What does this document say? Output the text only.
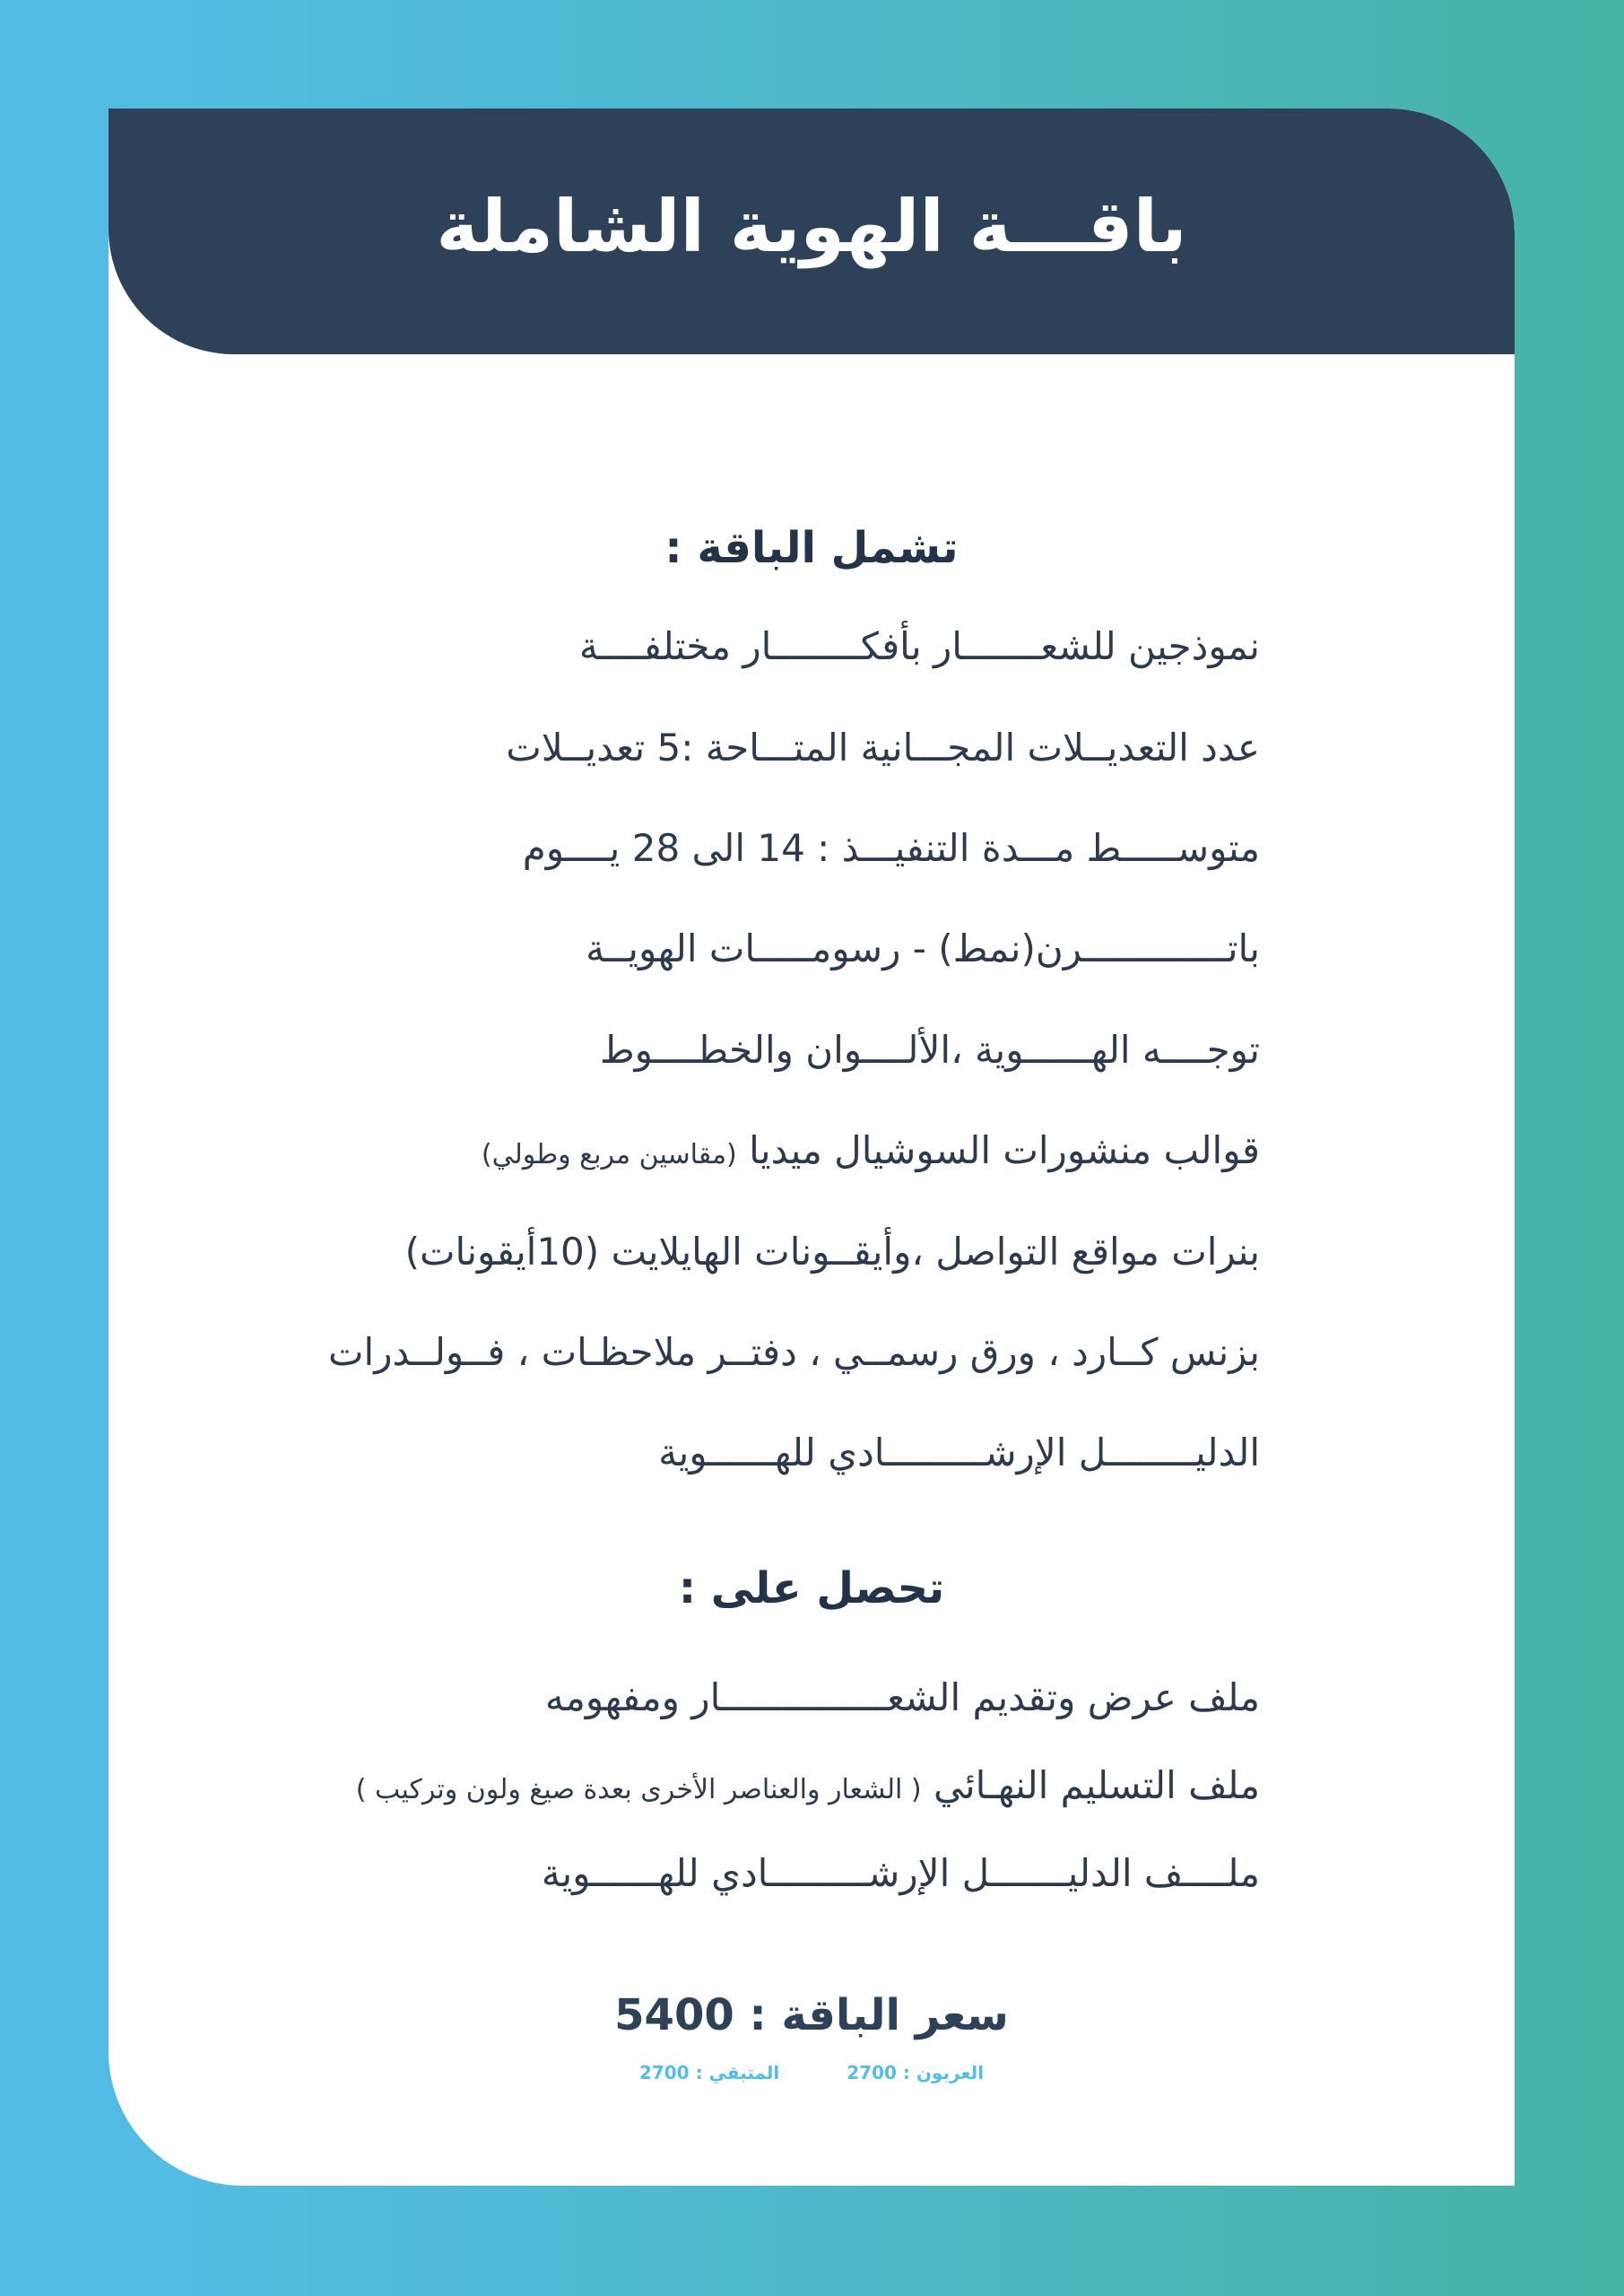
باقـــة الهوية الشاملة
تشمل الباقة :
نموذجين للشعـــــــار بأفكــــــــار مختلفــــة
عدد التعديــلات المجـــانية المتـــاحة :5 تعديــلات
متوســـــط مـــدة التنفيـــذ : 14 الى 28 يــــوم
باتـــــــــــــرن(نمط) - رسومـــــات الهويــة
توجــــه الهــــــوية ،الألــــوان والخطــــوط
قوالب منشورات السوشيال ميديا (مقاسين مربع وطولي)
بنرات مواقع التواصل ،وأيقــونات الهايلايت (10أيقونات)
بزنس كــارد ، ورق رسمــي ، دفتــر ملاحظـات ، فــولــدرات
الدليــــــــل الإرشـــــــــادي للهــــــوية
تحصل على :
ملف عرض وتقديم الشعـــــــــــــــار ومفهومه
ملف التسليم النهـائي ( الشعار والعناصر الأخرى بعدة صيغ ولون وتركيب )
ملــــف الدليـــــــل الإرشـــــــــادي للهــــــوية
سعر الباقة : 5400
العربون : 2700 المتبقي : 2700
